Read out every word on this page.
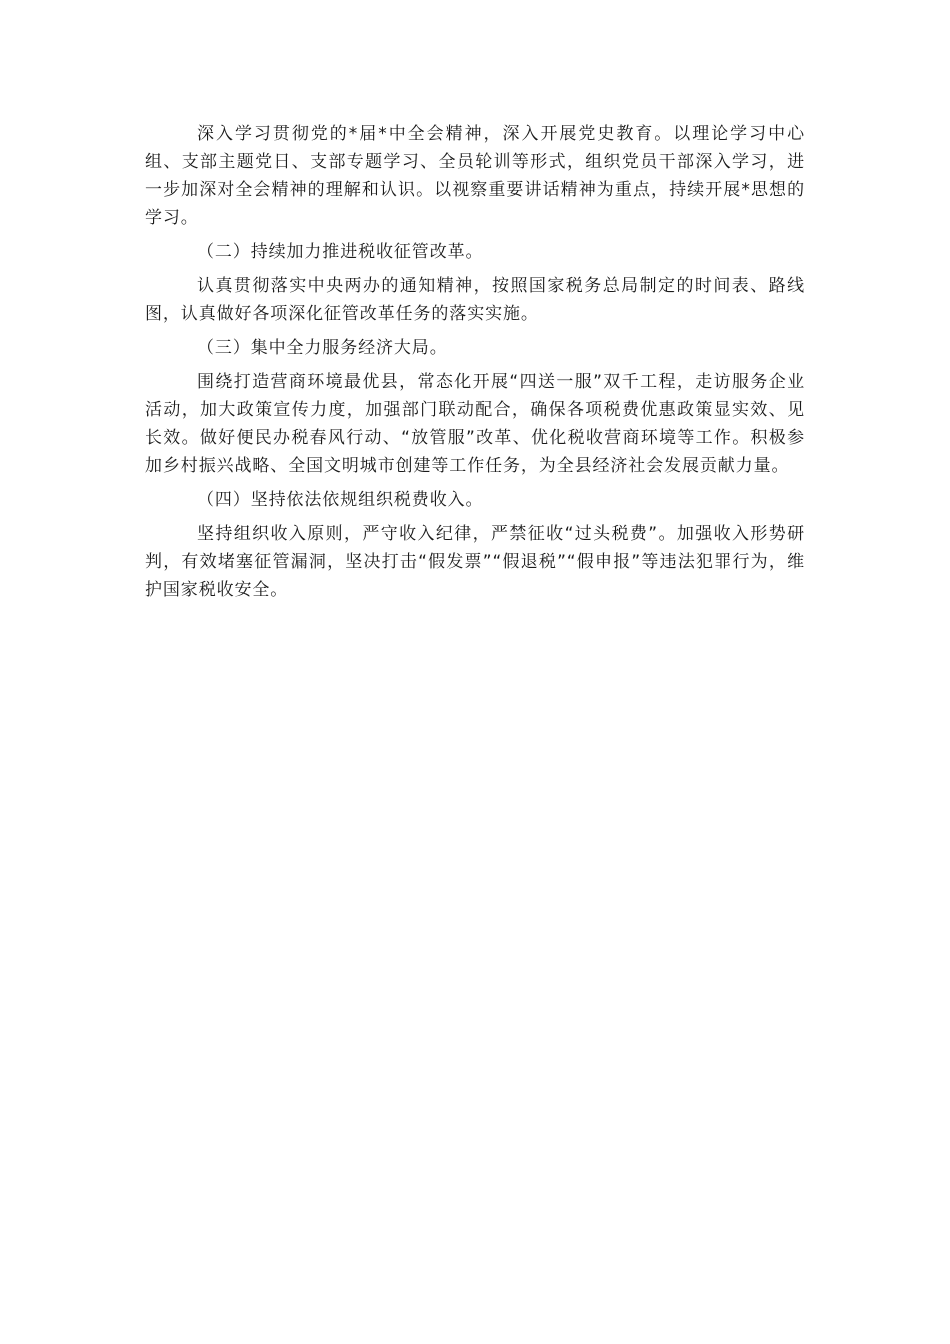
深入学习贯彻党的*届*中全会精神，深入开展党史教育。以理论学习中心组、支部主题党日、支部专题学习、全员轮训等形式，组织党员干部深入学习，进一步加深对全会精神的理解和认识。以视察重要讲话精神为重点，持续开展*思想的学习。

（二）持续加力推进税收征管改革。

认真贯彻落实中央两办的通知精神，按照国家税务总局制定的时间表、路线图，认真做好各项深化征管改革任务的落实实施。

（三）集中全力服务经济大局。

围绕打造营商环境最优县，常态化开展“四送一服”双千工程，走访服务企业活动，加大政策宣传力度，加强部门联动配合，确保各项税费优惠政策显实效、见长效。做好便民办税春风行动、“放管服”改革、优化税收营商环境等工作。积极参加乡村振兴战略、全国文明城市创建等工作任务，为全县经济社会发展贡献力量。

（四）坚持依法依规组织税费收入。

坚持组织收入原则，严守收入纪律，严禁征收“过头税费”。加强收入形势研判，有效堵塞征管漏洞，坚决打击“假发票”“假退税”“假申报”等违法犯罪行为，维护国家税收安全。
